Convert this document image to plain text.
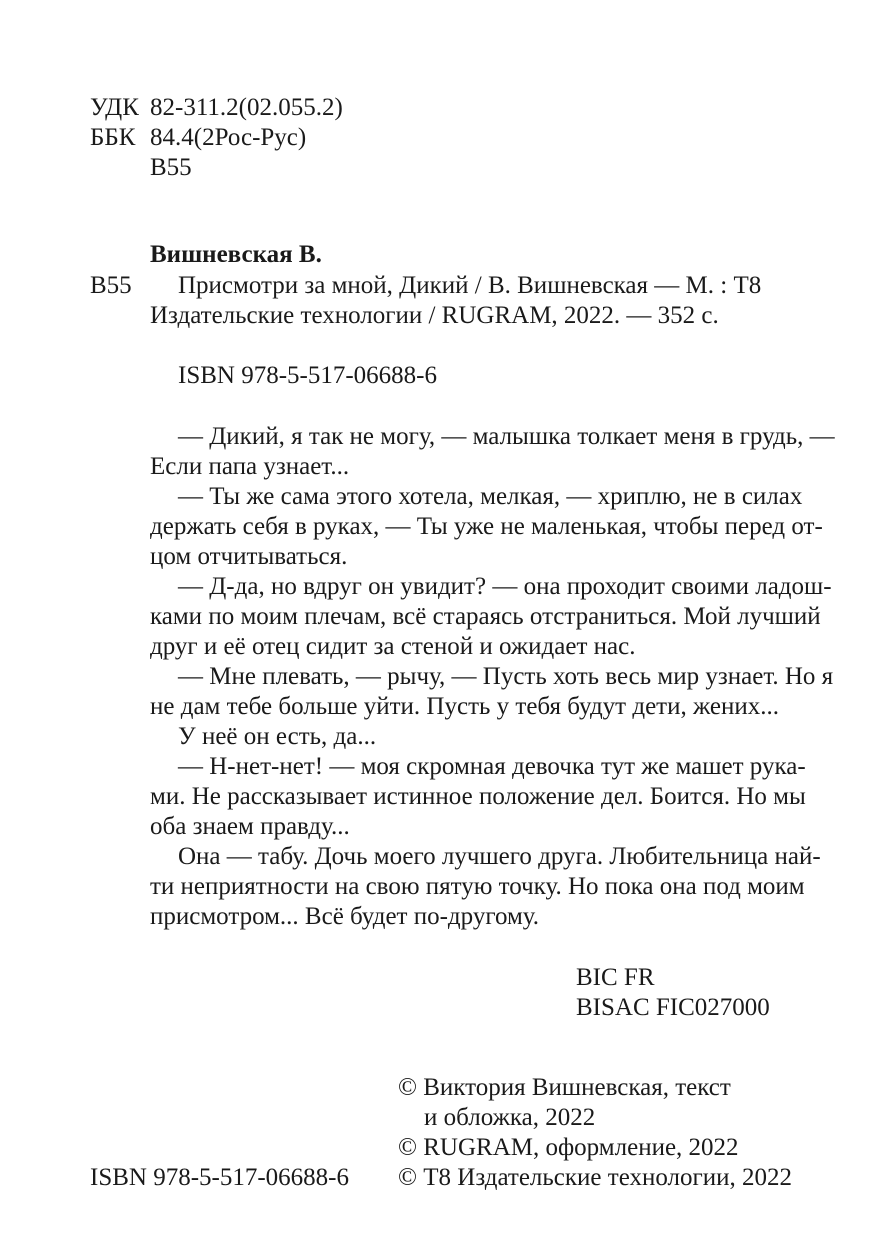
УДК 82-311.2(02.055.2)
ББК 84.4(2Рос-Рус)
В55
Вишневская В.
В55 Присмотри за мной, Дикий / В. Вишневская — М. : Т8
Издательские технологии / RUGRAM, 2022. — 352 с.
ISBN 978-5-517-06688-6
— Дикий, я так не могу, — малышка толкает меня в грудь, —
Если папа узнает...
— Ты же сама этого хотела, мелкая, — хриплю, не в силах
держать себя в руках, — Ты уже не маленькая, чтобы перед от-
цом отчитываться.
— Д-да, но вдруг он увидит? — она проходит своими ладош-
ками по моим плечам, всё стараясь отстраниться. Мой лучший
друг и её отец сидит за стеной и ожидает нас.
— Мне плевать, — рычу, — Пусть хоть весь мир узнает. Но я
не дам тебе больше уйти. Пусть у тебя будут дети, жених...
У неё он есть, да...
— Н-нет-нет! — моя скромная девочка тут же машет рука-
ми. Не рассказывает истинное положение дел. Боится. Но мы
оба знаем правду...
Она — табу. Дочь моего лучшего друга. Любительница най-
ти неприятности на свою пятую точку. Но пока она под моим
присмотром... Всё будет по-другому.
BIC FR
BISAC FIC027000
© Виктория Вишневская, текст
и обложка, 2022
© RUGRAM, оформление, 2022
ISBN 978-5-517-06688-6 © Т8 Издательские технологии, 2022
